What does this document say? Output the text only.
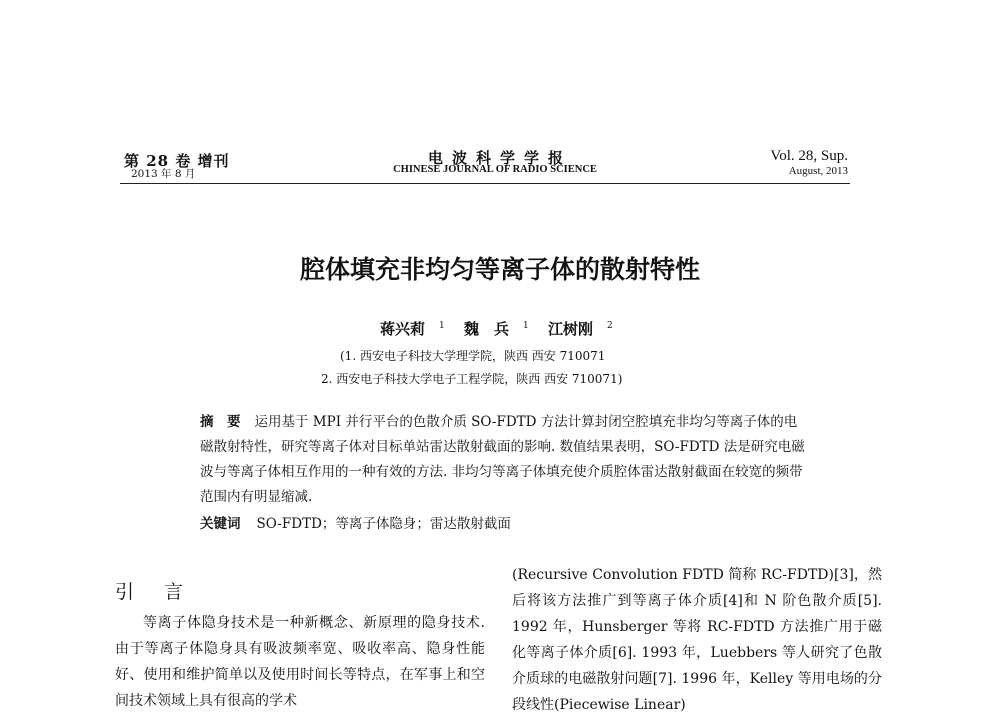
第 28 卷 增刊
2013 年 8 月
电波科学学报
CHINESE JOURNAL OF RADIO SCIENCE
Vol. 28, Sup.
August, 2013
腔体填充非均匀等离子体的散射特性
蒋兴莉 $^1$ 魏　兵 $^1$ 江树刚 $^2$
(1. 西安电子科技大学理学院，陕西 西安 710071
2. 西安电子科技大学电子工程学院，陕西 西安 710071)
摘　要 运用基于 MPI 并行平台的色散介质 SO-FDTD 方法计算封闭空腔填充非均匀等离子体的电磁散射特性，研究等离子体对目标单站雷达散射截面的影响. 数值结果表明，SO-FDTD 法是研究电磁波与等离子体相互作用的一种有效的方法. 非均匀等离子体填充使介质腔体雷达散射截面在较宽的频带范围内有明显缩减.
关键词 SO-FDTD；等离子体隐身；雷达散射截面
引 言

等离子体隐身技术是一种新概念、新原理的隐身技术. 由于等离子体隐身具有吸波频率宽、吸收率高、隐身性能好、使用和维护简单以及使用时间长等特点，在军事上和空间技术领域上具有很高的学术

(Recursive Convolution FDTD 简称 RC-FDTD)[3]，然后将该方法推广到等离子体介质[4]和 N 阶色散介质[5]. 1992 年，Hunsberger 等将 RC-FDTD 方法推广用于磁化等离子体介质[6]. 1993 年，Luebbers 等人研究了色散介质球的电磁散射问题[7]. 1996 年，Kelley 等用电场的分段线性(Piecewise Linear)
